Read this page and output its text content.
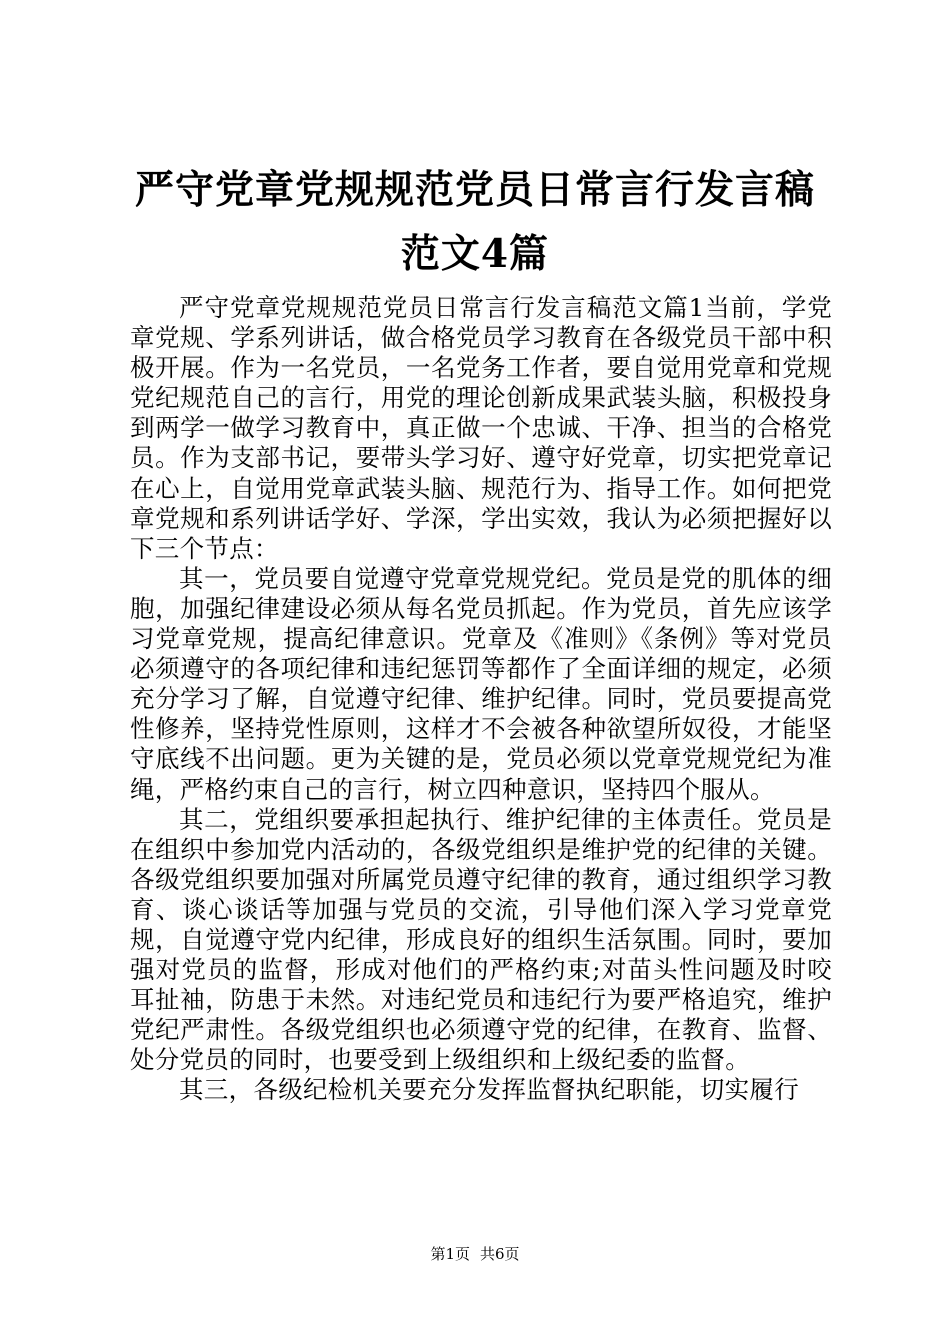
严守党章党规规范党员日常言行发言稿范文4篇

严守党章党规规范党员日常言行发言稿范文篇1当前，学党章党规、学系列讲话，做合格党员学习教育在各级党员干部中积极开展。作为一名党员，一名党务工作者，要自觉用党章和党规党纪规范自己的言行，用党的理论创新成果武装头脑，积极投身到两学一做学习教育中，真正做一个忠诚、干净、担当的合格党员。作为支部书记，要带头学习好、遵守好党章，切实把党章记在心上，自觉用党章武装头脑、规范行为、指导工作。如何把党章党规和系列讲话学好、学深，学出实效，我认为必须把握好以下三个节点：

其一，党员要自觉遵守党章党规党纪。党员是党的肌体的细胞，加强纪律建设必须从每名党员抓起。作为党员，首先应该学习党章党规，提高纪律意识。党章及《准则》《条例》等对党员必须遵守的各项纪律和违纪惩罚等都作了全面详细的规定，必须充分学习了解，自觉遵守纪律、维护纪律。同时，党员要提高党性修养，坚持党性原则，这样才不会被各种欲望所奴役，才能坚守底线不出问题。更为关键的是，党员必须以党章党规党纪为准绳，严格约束自己的言行，树立四种意识，坚持四个服从。

其二，党组织要承担起执行、维护纪律的主体责任。党员是在组织中参加党内活动的，各级党组织是维护党的纪律的关键。各级党组织要加强对所属党员遵守纪律的教育，通过组织学习教育、谈心谈话等加强与党员的交流，引导他们深入学习党章党规，自觉遵守党内纪律，形成良好的组织生活氛围。同时，要加强对党员的监督，形成对他们的严格约束;对苗头性问题及时咬耳扯袖，防患于未然。对违纪党员和违纪行为要严格追究，维护党纪严肃性。各级党组织也必须遵守党的纪律，在教育、监督、处分党员的同时，也要受到上级组织和上级纪委的监督。

其三，各级纪检机关要充分发挥监督执纪职能，切实履行

第1页 共6页
